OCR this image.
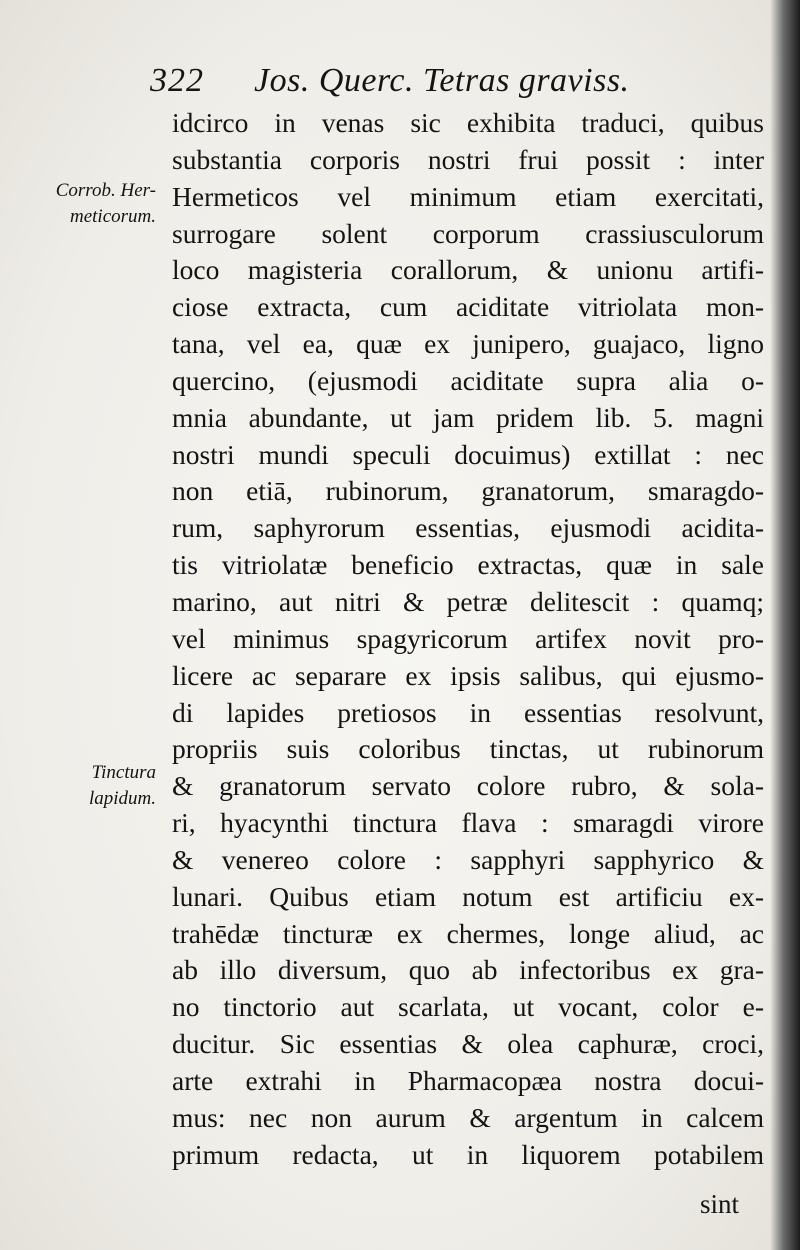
322 Jos. Querc. Tetras graviss.
Corrob. Her-
meticorum.
Tinctura
lapidum.
idcirco in venas sic exhibita traduci, quibus
substantia corporis nostri frui possit : inter
Hermeticos vel minimum etiam exercitati,
surrogare solent corporum crassiusculorum
loco magisteria corallorum, & unionu artifi-
ciose extracta, cum aciditate vitriolata mon-
tana, vel ea, quæ ex junipero, guajaco, ligno
quercino, (ejusmodi aciditate supra alia o-
mnia abundante, ut jam pridem lib. 5. magni
nostri mundi speculi docuimus) extillat : nec
non etiā, rubinorum, granatorum, smaragdo-
rum, saphyrorum essentias, ejusmodi acidita-
tis vitriolatæ beneficio extractas, quæ in sale
marino, aut nitri & petræ delitescit : quamq;
vel minimus spagyricorum artifex novit pro-
licere ac separare ex ipsis salibus, qui ejusmo-
di lapides pretiosos in essentias resolvunt,
propriis suis coloribus tinctas, ut rubinorum
& granatorum servato colore rubro, & sola-
ri, hyacynthi tinctura flava : smaragdi virore
& venereo colore : sapphyri sapphyrico &
lunari. Quibus etiam notum est artificiu ex-
trahēdæ tincturæ ex chermes, longe aliud, ac
ab illo diversum, quo ab infectoribus ex gra-
no tinctorio aut scarlata, ut vocant, color e-
ducitur. Sic essentias & olea caphuræ, croci,
arte extrahi in Pharmacopæa nostra docui-
mus: nec non aurum & argentum in calcem
primum redacta, ut in liquorem potabilem
sint
